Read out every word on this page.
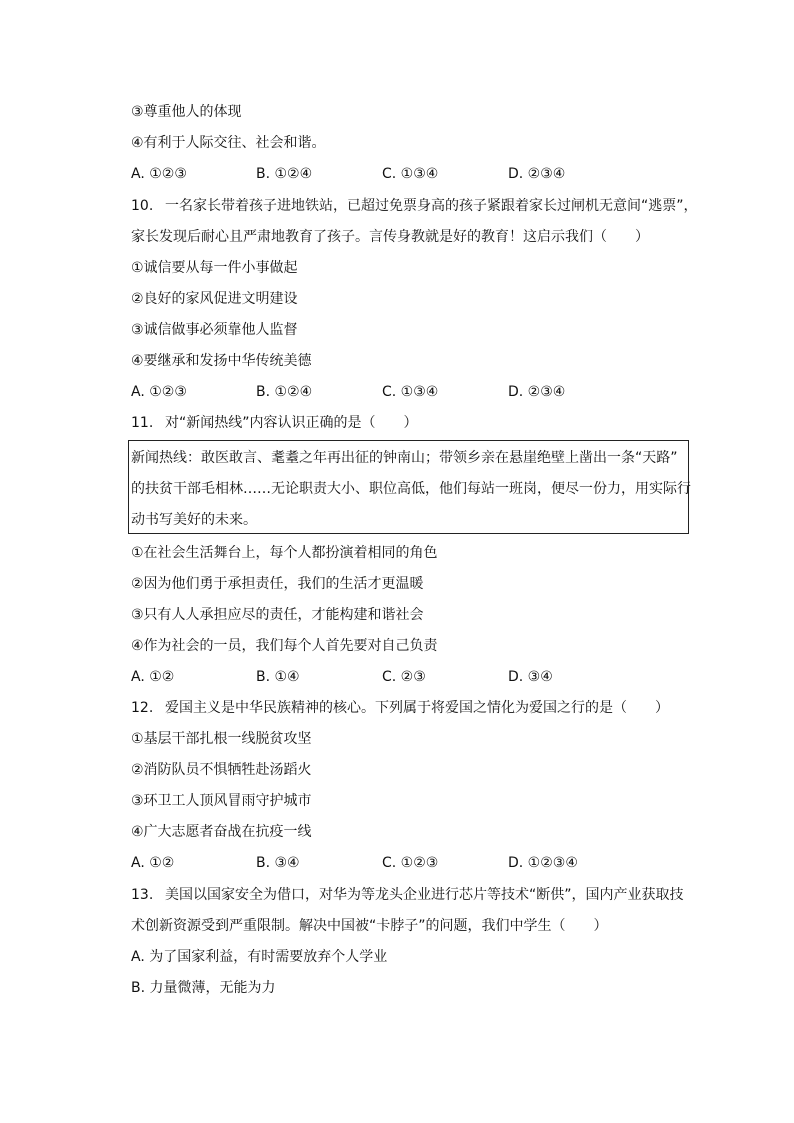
③尊重他人的体现
④有利于人际交往、社会和谐。
A. ①②③	B. ①②④	C. ①③④	D. ②③④
10. 一名家长带着孩子进地铁站，已超过免票身高的孩子紧跟着家长过闸机无意间“逃票”，
家长发现后耐心且严肃地教育了孩子。言传身教就是好的教育！这启示我们（　　）
①诚信要从每一件小事做起
②良好的家风促进文明建设
③诚信做事必须靠他人监督
④要继承和发扬中华传统美德
A. ①②③	B. ①②④	C. ①③④	D. ②③④
11. 对“新闻热线”内容认识正确的是（　　）
新闻热线：敢医敢言、耄耋之年再出征的钟南山；带领乡亲在悬崖绝壁上凿出一条“天路”
的扶贫干部毛相林……无论职责大小、职位高低，他们每站一班岗，便尽一份力，用实际行
动书写美好的未来。
①在社会生活舞台上，每个人都扮演着相同的角色
②因为他们勇于承担责任，我们的生活才更温暖
③只有人人承担应尽的责任，才能构建和谐社会
④作为社会的一员，我们每个人首先要对自己负责
A. ①②	B. ①④	C. ②③	D. ③④
12. 爱国主义是中华民族精神的核心。下列属于将爱国之情化为爱国之行的是（　　）
①基层干部扎根一线脱贫攻坚
②消防队员不惧牺牲赴汤蹈火
③环卫工人顶风冒雨守护城市
④广大志愿者奋战在抗疫一线
A. ①②	B. ③④	C. ①②③	D. ①②③④
13. 美国以国家安全为借口，对华为等龙头企业进行芯片等技术“断供”，国内产业获取技
术创新资源受到严重限制。解决中国被“卡脖子”的问题，我们中学生（　　）
A. 为了国家利益，有时需要放弃个人学业
B. 力量微薄，无能为力
